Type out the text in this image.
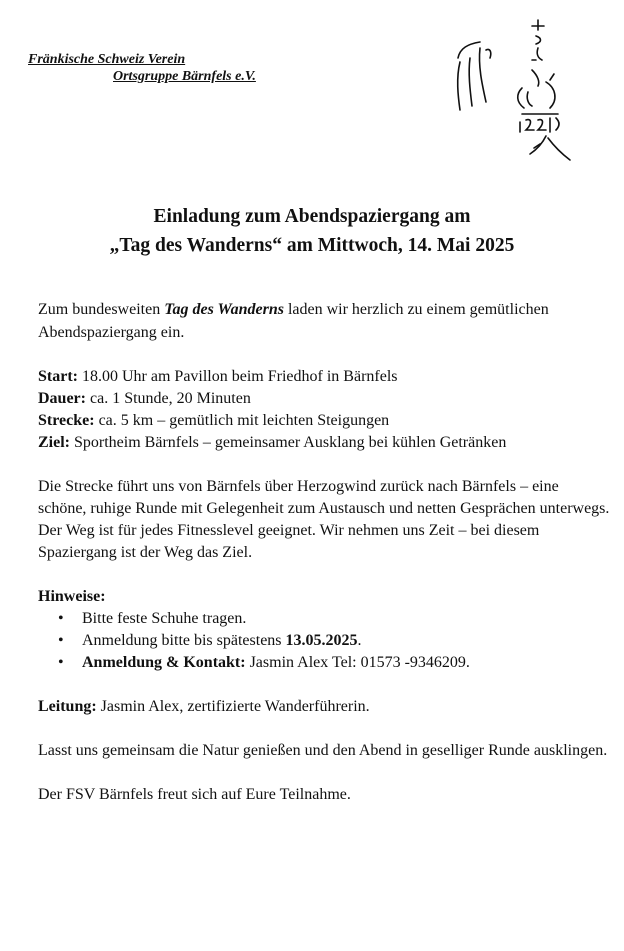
Fränkische Schweiz Verein
Ortsgruppe Bärnfels e.V.
Einladung zum Abendspaziergang am
„Tag des Wanderns“ am Mittwoch, 14. Mai 2025

Zum bundesweiten Tag des Wanderns laden wir herzlich zu einem gemütlichen Abendspaziergang ein.

Start: 18.00 Uhr am Pavillon beim Friedhof in Bärnfels

Dauer: ca. 1 Stunde, 20 Minuten

Strecke: ca. 5 km – gemütlich mit leichten Steigungen

Ziel: Sportheim Bärnfels – gemeinsamer Ausklang bei kühlen Getränken

Die Strecke führt uns von Bärnfels über Herzogwind zurück nach Bärnfels – eine schöne, ruhige Runde mit Gelegenheit zum Austausch und netten Gesprächen unterwegs.

Der Weg ist für jedes Fitnesslevel geeignet. Wir nehmen uns Zeit – bei diesem Spaziergang ist der Weg das Ziel.

Hinweise:

• Bitte feste Schuhe tragen.
• Anmeldung bitte bis spätestens 13.05.2025.
• Anmeldung & Kontakt: Jasmin Alex Tel: 01573 -9346209.

Leitung: Jasmin Alex, zertifizierte Wanderführerin.

Lasst uns gemeinsam die Natur genießen und den Abend in geselliger Runde ausklingen.

Der FSV Bärnfels freut sich auf Eure Teilnahme.
